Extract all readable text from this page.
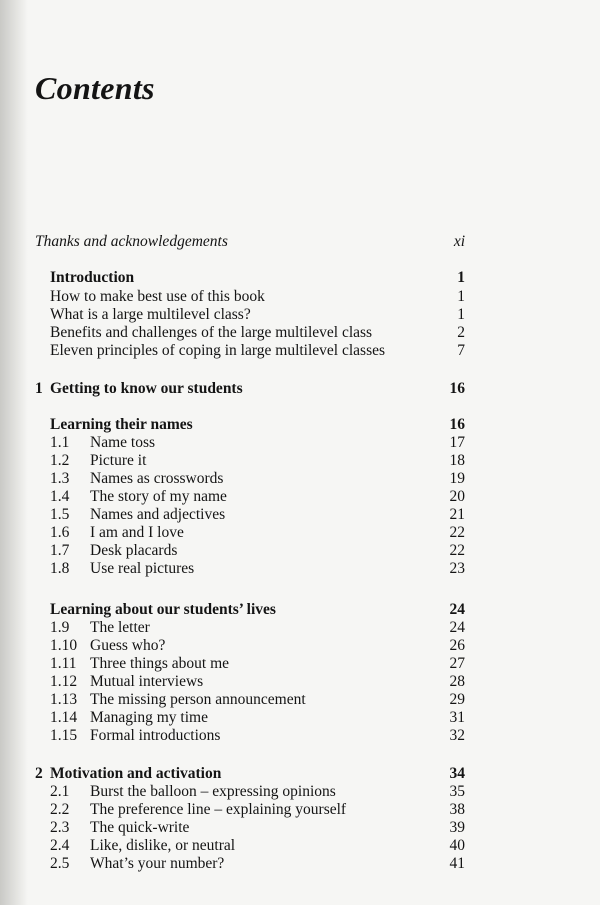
Contents
Thanks and acknowledgements	xi
Introduction	1
How to make best use of this book	1
What is a large multilevel class?	1
Benefits and challenges of the large multilevel class	2
Eleven principles of coping in large multilevel classes	7
1 Getting to know our students	16
Learning their names	16
1.1 Name toss	17
1.2 Picture it	18
1.3 Names as crosswords	19
1.4 The story of my name	20
1.5 Names and adjectives	21
1.6 I am and I love	22
1.7 Desk placards	22
1.8 Use real pictures	23
Learning about our students’ lives	24
1.9 The letter	24
1.10 Guess who?	26
1.11 Three things about me	27
1.12 Mutual interviews	28
1.13 The missing person announcement	29
1.14 Managing my time	31
1.15 Formal introductions	32
2 Motivation and activation	34
2.1 Burst the balloon – expressing opinions	35
2.2 The preference line – explaining yourself	38
2.3 The quick-write	39
2.4 Like, dislike, or neutral	40
2.5 What’s your number?	41
